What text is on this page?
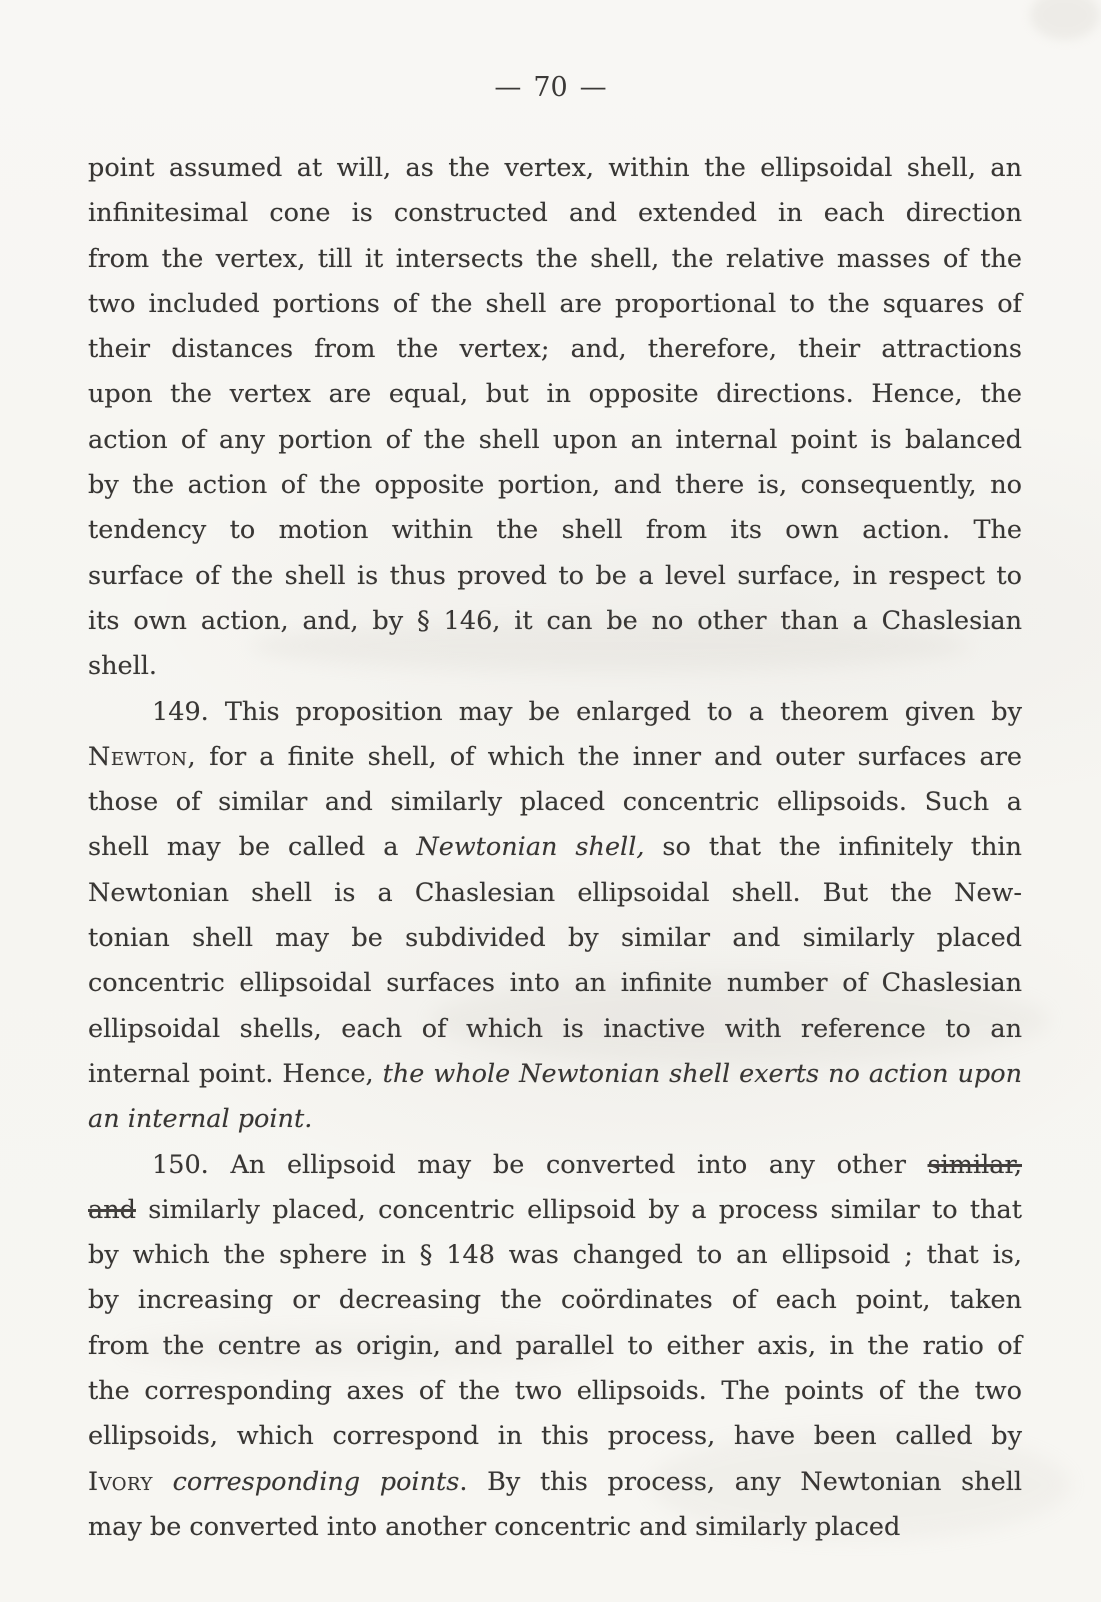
— 70 —
point assumed at will, as the vertex, within the ellipsoidal shell, an
infinitesimal cone is constructed and extended in each direction
from the vertex, till it intersects the shell, the relative masses of the
two included portions of the shell are proportional to the squares of
their distances from the vertex; and, therefore, their attractions
upon the vertex are equal, but in opposite directions. Hence, the
action of any portion of the shell upon an internal point is balanced
by the action of the opposite portion, and there is, consequently, no
tendency to motion within the shell from its own action. The
surface of the shell is thus proved to be a level surface, in respect to
its own action, and, by § 146, it can be no other than a Chaslesian
shell.
149. This proposition may be enlarged to a theorem given by
Newton, for a finite shell, of which the inner and outer surfaces are
those of similar and similarly placed concentric ellipsoids. Such a
shell may be called a Newtonian shell, so that the infinitely thin
Newtonian shell is a Chaslesian ellipsoidal shell. But the New-
tonian shell may be subdivided by similar and similarly placed
concentric ellipsoidal surfaces into an infinite number of Chaslesian
ellipsoidal shells, each of which is inactive with reference to an
internal point. Hence, the whole Newtonian shell exerts no action upon
an internal point.
150. An ellipsoid may be converted into any other similar,
and similarly placed, concentric ellipsoid by a process similar to that
by which the sphere in § 148 was changed to an ellipsoid ; that is,
by increasing or decreasing the coördinates of each point, taken
from the centre as origin, and parallel to either axis, in the ratio of
the corresponding axes of the two ellipsoids. The points of the two
ellipsoids, which correspond in this process, have been called by
Ivory corresponding points. By this process, any Newtonian shell
may be converted into another concentric and similarly placed
